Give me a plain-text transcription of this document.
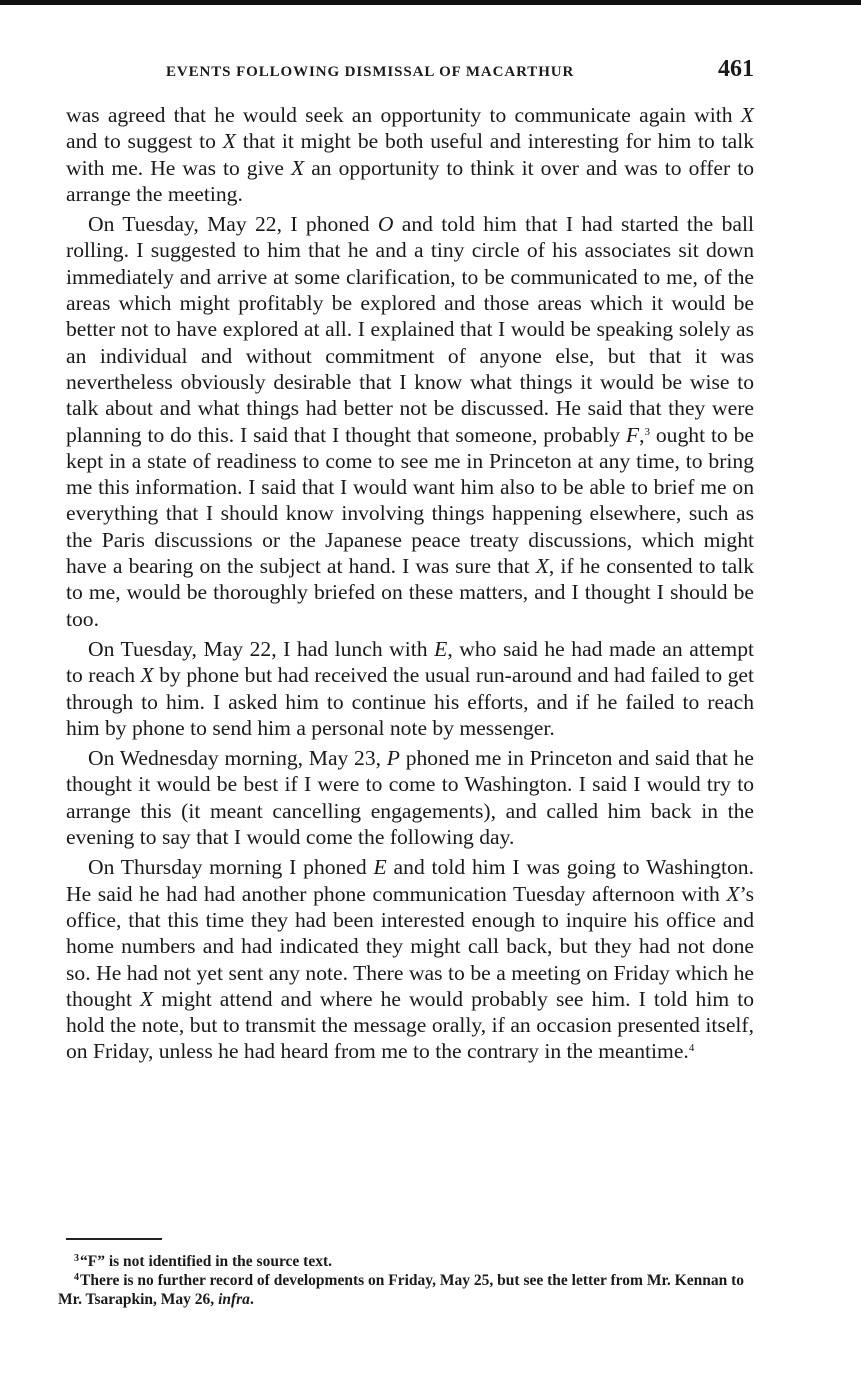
EVENTS FOLLOWING DISMISSAL OF MACARTHUR	461

was agreed that he would seek an opportunity to communicate again with X and to suggest to X that it might be both useful and interesting for him to talk with me. He was to give X an opportunity to think it over and was to offer to arrange the meeting.

On Tuesday, May 22, I phoned O and told him that I had started the ball rolling. I suggested to him that he and a tiny circle of his associates sit down immediately and arrive at some clarification, to be communicated to me, of the areas which might profitably be explored and those areas which it would be better not to have explored at all. I explained that I would be speaking solely as an individual and without commitment of anyone else, but that it was nevertheless obviously desirable that I know what things it would be wise to talk about and what things had better not be discussed. He said that they were planning to do this. I said that I thought that someone, probably F,$^3$ ought to be kept in a state of readiness to come to see me in Princeton at any time, to bring me this information. I said that I would want him also to be able to brief me on everything that I should know involving things happening elsewhere, such as the Paris discussions or the Japanese peace treaty discussions, which might have a bearing on the subject at hand. I was sure that X, if he consented to talk to me, would be thoroughly briefed on these matters, and I thought I should be too.

On Tuesday, May 22, I had lunch with E, who said he had made an attempt to reach X by phone but had received the usual run-around and had failed to get through to him. I asked him to continue his efforts, and if he failed to reach him by phone to send him a personal note by messenger.

On Wednesday morning, May 23, P phoned me in Princeton and said that he thought it would be best if I were to come to Washington. I said I would try to arrange this (it meant cancelling engagements), and called him back in the evening to say that I would come the following day.

On Thursday morning I phoned E and told him I was going to Washington. He said he had had another phone communication Tuesday afternoon with X’s office, that this time they had been interested enough to inquire his office and home numbers and had indicated they might call back, but they had not done so. He had not yet sent any note. There was to be a meeting on Friday which he thought X might attend and where he would probably see him. I told him to hold the note, but to transmit the message orally, if an occasion presented itself, on Friday, unless he had heard from me to the contrary in the meantime.$^4$

$^3$“F” is not identified in the source text.

$^4$There is no further record of developments on Friday, May 25, but see the letter from Mr. Kennan to Mr. Tsarapkin, May 26, infra.
